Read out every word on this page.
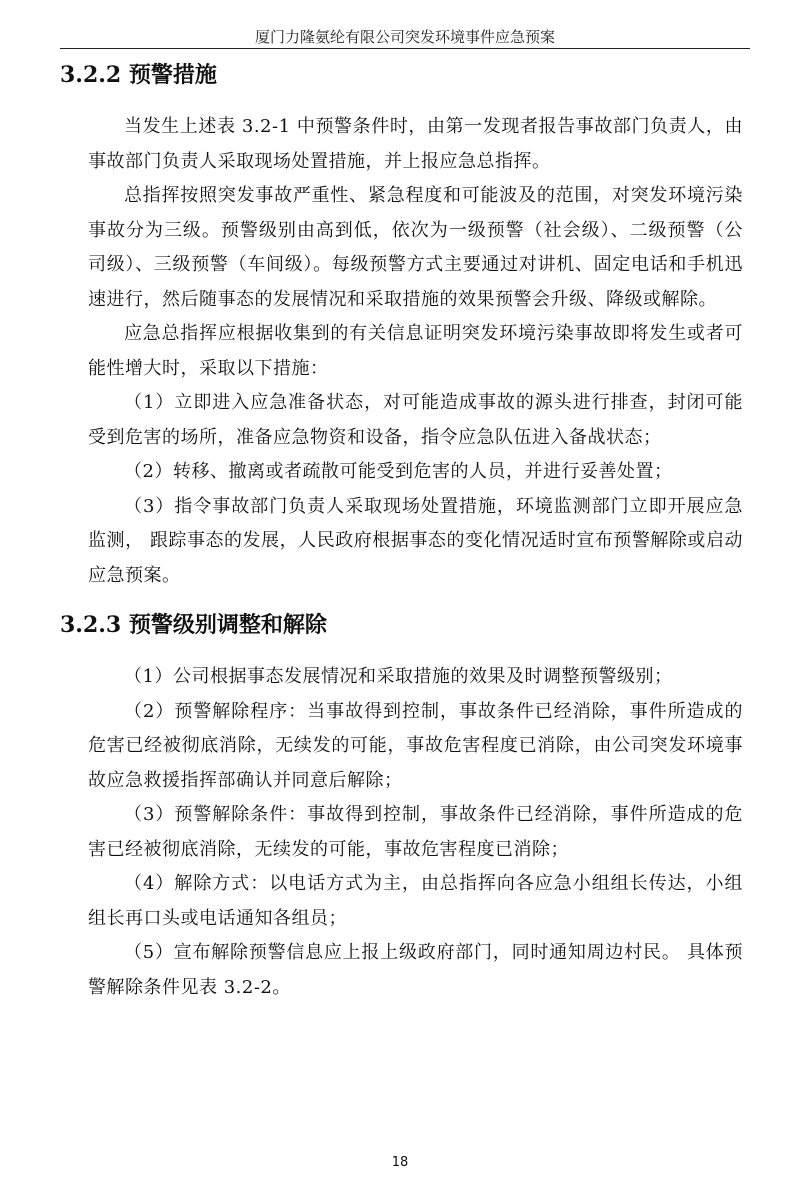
厦门力隆氨纶有限公司突发环境事件应急预案
3.2.2 预警措施

当发生上述表 3.2-1 中预警条件时，由第一发现者报告事故部门负责人，由事故部门负责人采取现场处置措施，并上报应急总指挥。

总指挥按照突发事故严重性、紧急程度和可能波及的范围，对突发环境污染事故分为三级。预警级别由高到低，依次为一级预警（社会级）、二级预警（公司级）、三级预警（车间级）。每级预警方式主要通过对讲机、固定电话和手机迅速进行，然后随事态的发展情况和采取措施的效果预警会升级、降级或解除。

应急总指挥应根据收集到的有关信息证明突发环境污染事故即将发生或者可能性增大时，采取以下措施：

（1）立即进入应急准备状态，对可能造成事故的源头进行排查，封闭可能受到危害的场所，准备应急物资和设备，指令应急队伍进入备战状态；

（2）转移、撤离或者疏散可能受到危害的人员，并进行妥善处置；

（3）指令事故部门负责人采取现场处置措施，环境监测部门立即开展应急监测， 跟踪事态的发展，人民政府根据事态的变化情况适时宣布预警解除或启动应急预案。

3.2.3 预警级别调整和解除

（1）公司根据事态发展情况和采取措施的效果及时调整预警级别；

（2）预警解除程序：当事故得到控制，事故条件已经消除，事件所造成的危害已经被彻底消除，无续发的可能，事故危害程度已消除，由公司突发环境事故应急救援指挥部确认并同意后解除；

（3）预警解除条件：事故得到控制，事故条件已经消除，事件所造成的危害已经被彻底消除，无续发的可能，事故危害程度已消除；

（4）解除方式：以电话方式为主，由总指挥向各应急小组组长传达，小组组长再口头或电话通知各组员；

（5）宣布解除预警信息应上报上级政府部门，同时通知周边村民。 具体预警解除条件见表 3.2-2。

18
